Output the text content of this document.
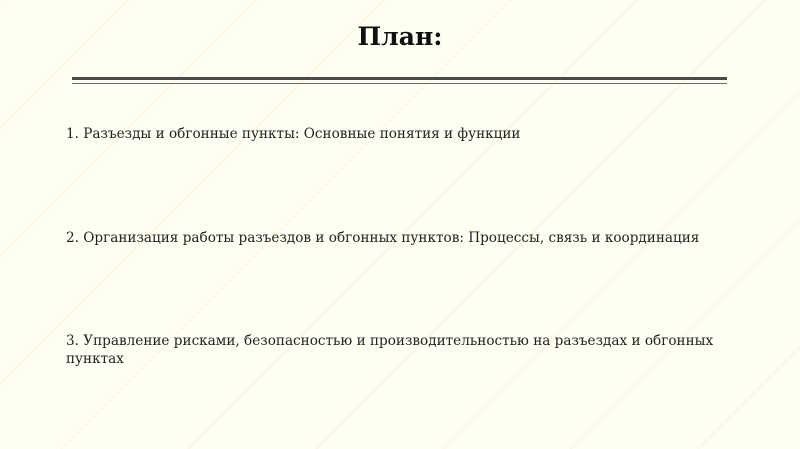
План:
1. Разъезды и обгонные пункты: Основные понятия и функции
2. Организация работы разъездов и обгонных пунктов: Процессы, связь и координация
3. Управление рисками, безопасностью и производительностью на разъездах и обгонных пунктах
